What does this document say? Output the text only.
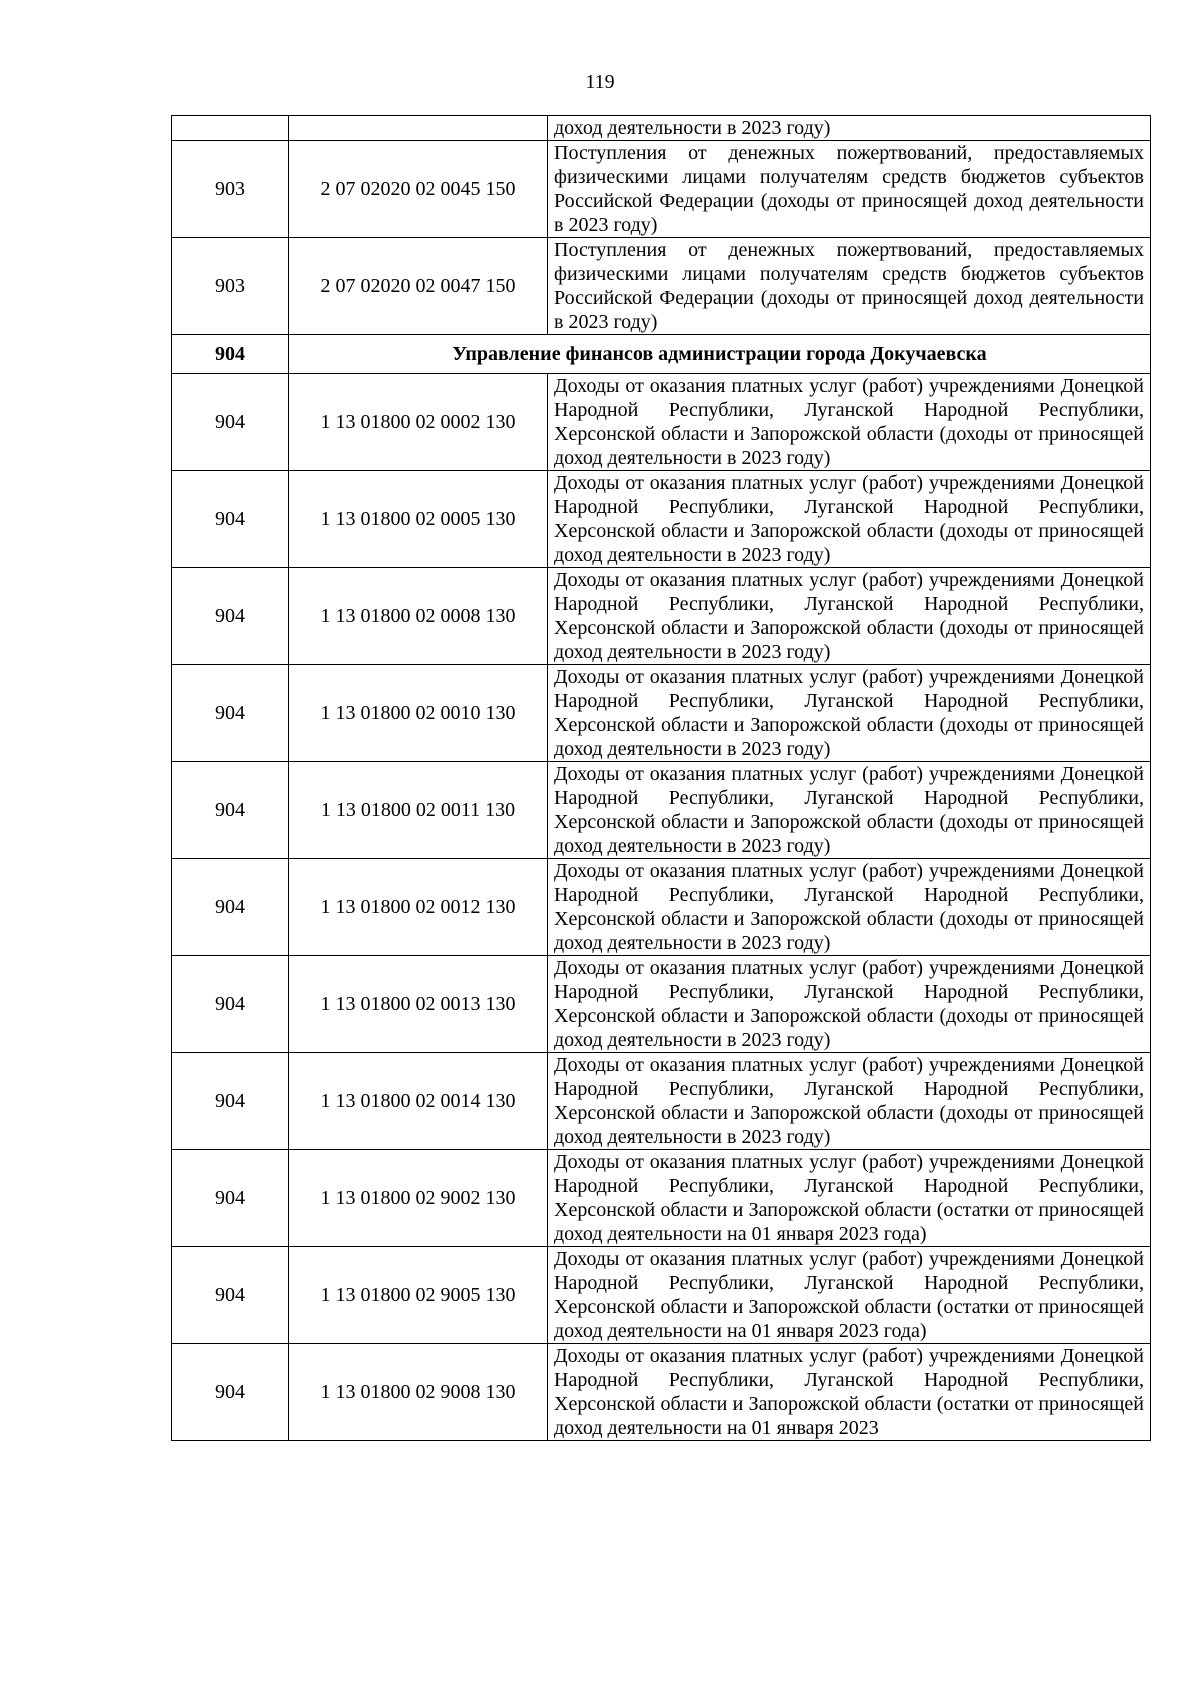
119
		доход деятельности в 2023 году)
903	2 07 02020 02 0045 150	Поступления от денежных пожертвований, предоставляемых физическими лицами получателям средств бюджетов субъектов Российской Федерации (доходы от приносящей доход деятельности в 2023 году)
903	2 07 02020 02 0047 150	Поступления от денежных пожертвований, предоставляемых физическими лицами получателям средств бюджетов субъектов Российской Федерации (доходы от приносящей доход деятельности в 2023 году)
904	Управление финансов администрации города Докучаевска	
904	1 13 01800 02 0002 130	Доходы от оказания платных услуг (работ) учреждениями Донецкой Народной Республики, Луганской Народной Республики, Херсонской области и Запорожской области (доходы от приносящей доход деятельности в 2023 году)
904	1 13 01800 02 0005 130	Доходы от оказания платных услуг (работ) учреждениями Донецкой Народной Республики, Луганской Народной Республики, Херсонской области и Запорожской области (доходы от приносящей доход деятельности в 2023 году)
904	1 13 01800 02 0008 130	Доходы от оказания платных услуг (работ) учреждениями Донецкой Народной Республики, Луганской Народной Республики, Херсонской области и Запорожской области (доходы от приносящей доход деятельности в 2023 году)
904	1 13 01800 02 0010 130	Доходы от оказания платных услуг (работ) учреждениями Донецкой Народной Республики, Луганской Народной Республики, Херсонской области и Запорожской области (доходы от приносящей доход деятельности в 2023 году)
904	1 13 01800 02 0011 130	Доходы от оказания платных услуг (работ) учреждениями Донецкой Народной Республики, Луганской Народной Республики, Херсонской области и Запорожской области (доходы от приносящей доход деятельности в 2023 году)
904	1 13 01800 02 0012 130	Доходы от оказания платных услуг (работ) учреждениями Донецкой Народной Республики, Луганской Народной Республики, Херсонской области и Запорожской области (доходы от приносящей доход деятельности в 2023 году)
904	1 13 01800 02 0013 130	Доходы от оказания платных услуг (работ) учреждениями Донецкой Народной Республики, Луганской Народной Республики, Херсонской области и Запорожской области (доходы от приносящей доход деятельности в 2023 году)
904	1 13 01800 02 0014 130	Доходы от оказания платных услуг (работ) учреждениями Донецкой Народной Республики, Луганской Народной Республики, Херсонской области и Запорожской области (доходы от приносящей доход деятельности в 2023 году)
904	1 13 01800 02 9002 130	Доходы от оказания платных услуг (работ) учреждениями Донецкой Народной Республики, Луганской Народной Республики, Херсонской области и Запорожской области (остатки от приносящей доход деятельности на 01 января 2023 года)
904	1 13 01800 02 9005 130	Доходы от оказания платных услуг (работ) учреждениями Донецкой Народной Республики, Луганской Народной Республики, Херсонской области и Запорожской области (остатки от приносящей доход деятельности на 01 января 2023 года)
904	1 13 01800 02 9008 130	Доходы от оказания платных услуг (работ) учреждениями Донецкой Народной Республики, Луганской Народной Республики, Херсонской области и Запорожской области (остатки от приносящей доход деятельности на 01 января 2023
